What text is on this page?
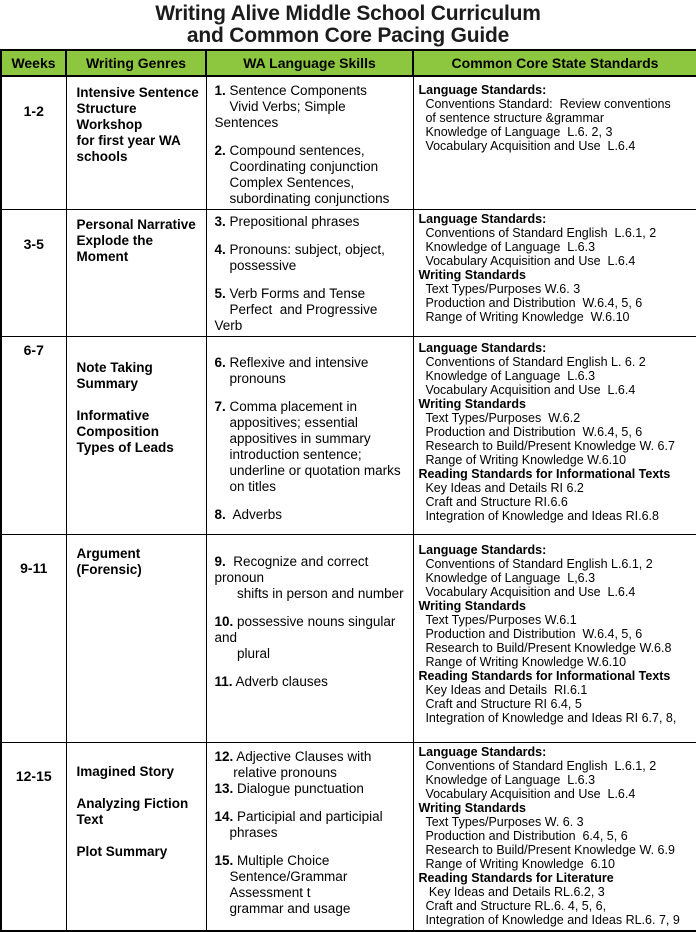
Writing Alive Middle School Curriculum
and Common Core Pacing Guide
Weeks	Writing Genres	WA Language Skills	Common Core State Standards
1-2	
Intensive Sentence
Structure Workshop
for first year WA
schools

1. Sentence Components
Vivid Verbs; Simple Sentences
2. Compound sentences,
Coordinating conjunction
Complex Sentences,
subordinating conjunctions

Language Standards:
Conventions Standard:  Review conventions
of sentence structure &grammar
Knowledge of Language  L.6. 2, 3
Vocabulary Acquisition and Use  L.6.4

3-5	
Personal Narrative
Explode the
Moment

3. Prepositional phrases
4. Pronouns: subject, object,
possessive
5. Verb Forms and Tense
Perfect  and Progressive Verb

Language Standards:
Conventions of Standard English  L.6.1, 2
Knowledge of Language  L.6.3
Vocabulary Acquisition and Use  L.6.4
Writing Standards
Text Types/Purposes W.6. 3
Production and Distribution  W.6.4, 5, 6
Range of Writing Knowledge  W.6.10

6-7	
Note Taking
Summary
Informative
Composition
Types of Leads

6. Reflexive and intensive
pronouns
7. Comma placement in
appositives; essential
appositives in summary
introduction sentence;
underline or quotation marks
on titles
8.  Adverbs

Language Standards:
Conventions of Standard English L. 6. 2
Knowledge of Language  L.6.3
Vocabulary Acquisition and Use  L.6.4
Writing Standards
Text Types/Purposes  W.6.2
Production and Distribution  W.6.4, 5, 6
Research to Build/Present Knowledge W. 6.7
Range of Writing Knowledge W.6.10
Reading Standards for Informational Texts
Key Ideas and Details RI 6.2
Craft and Structure RI.6.6
Integration of Knowledge and Ideas RI.6.8

9-11	
Argument
(Forensic)

9.  Recognize and correct
pronoun
shifts in person and number
10. possessive nouns singular
and
plural
11. Adverb clauses

Language Standards:
Conventions of Standard English L.6.1, 2
Knowledge of Language  L,6.3
Vocabulary Acquisition and Use  L.6.4
Writing Standards
Text Types/Purposes W.6.1
Production and Distribution  W.6.4, 5, 6
Research to Build/Present Knowledge W.6.8
Range of Writing Knowledge W.6.10
Reading Standards for Informational Texts
Key Ideas and Details  RI.6.1
Craft and Structure RI 6.4, 5
Integration of Knowledge and Ideas RI 6.7, 8,

12-15	Imagined Story
Analyzing Fiction
Text
Plot Summary

12. Adjective Clauses with
relative pronouns
13. Dialogue punctuation
14. Participial and participial
phrases
15. Multiple Choice
Sentence/Grammar
Assessment t
grammar and usage

Language Standards:
Conventions of Standard English  L.6.1, 2
Knowledge of Language  L.6.3
Vocabulary Acquisition and Use  L.6.4
Writing Standards
Text Types/Purposes W. 6. 3
Production and Distribution  6.4, 5, 6
Research to Build/Present Knowledge W. 6.9
Range of Writing Knowledge  6.10
Reading Standards for Literature
Key Ideas and Details RL.6.2, 3
Craft and Structure RL.6. 4, 5, 6,
Integration of Knowledge and Ideas RL.6. 7, 9
